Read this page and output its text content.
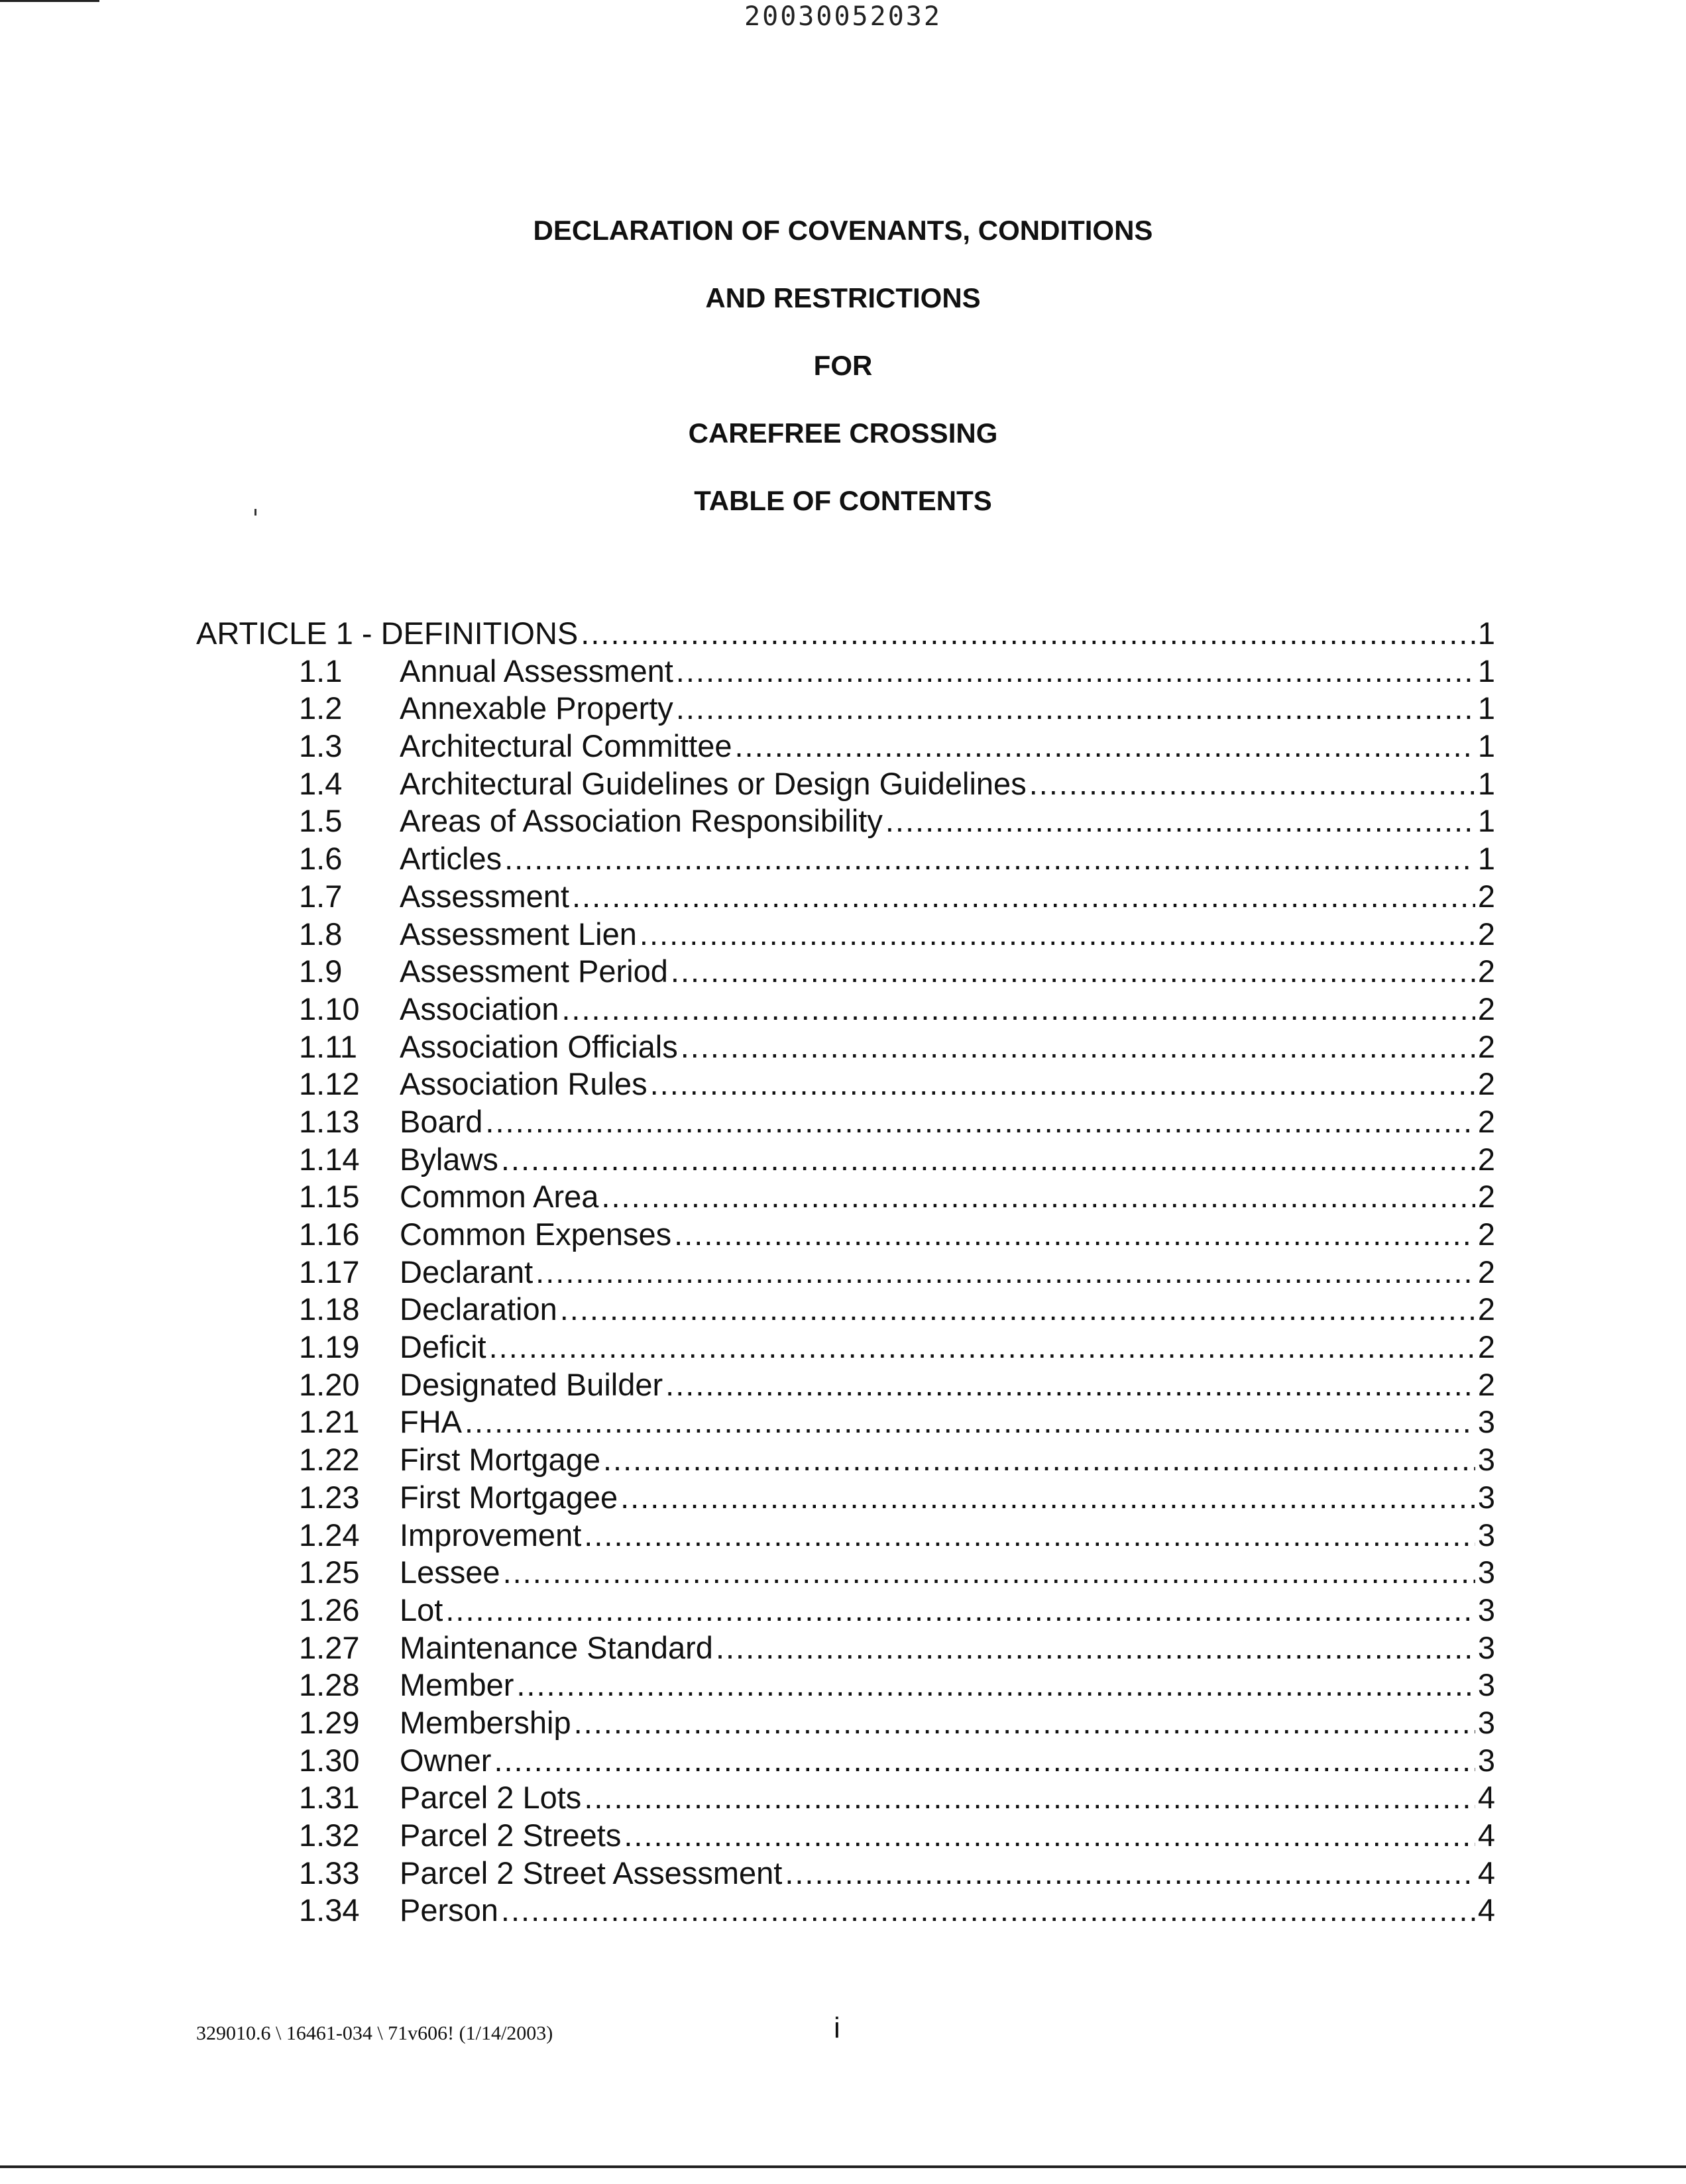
20030052032
DECLARATION OF COVENANTS, CONDITIONS
AND RESTRICTIONS
FOR
CAREFREE CROSSING
TABLE OF CONTENTS
ARTICLE 1 - DEFINITIONS .....	1
1.1	Annual Assessment .....	1
1.2	Annexable Property .....	1
1.3	Architectural Committee .....	1
1.4	Architectural Guidelines or Design Guidelines .....	1
1.5	Areas of Association Responsibility .....	1
1.6	Articles .....	1
1.7	Assessment .....	2
1.8	Assessment Lien .....	2
1.9	Assessment Period .....	2
1.10	Association .....	2
1.11	Association Officials .....	2
1.12	Association Rules .....	2
1.13	Board .....	2
1.14	Bylaws .....	2
1.15	Common Area .....	2
1.16	Common Expenses .....	2
1.17	Declarant .....	2
1.18	Declaration .....	2
1.19	Deficit .....	2
1.20	Designated Builder .....	2
1.21	FHA .....	3
1.22	First Mortgage .....	3
1.23	First Mortgagee .....	3
1.24	Improvement .....	3
1.25	Lessee .....	3
1.26	Lot .....	3
1.27	Maintenance Standard .....	3
1.28	Member .....	3
1.29	Membership .....	3
1.30	Owner .....	3
1.31	Parcel 2 Lots .....	4
1.32	Parcel 2 Streets .....	4
1.33	Parcel 2 Street Assessment .....	4
1.34	Person .....	4
329010.6 \ 16461-034 \ 71v606! (1/14/2003)	i
